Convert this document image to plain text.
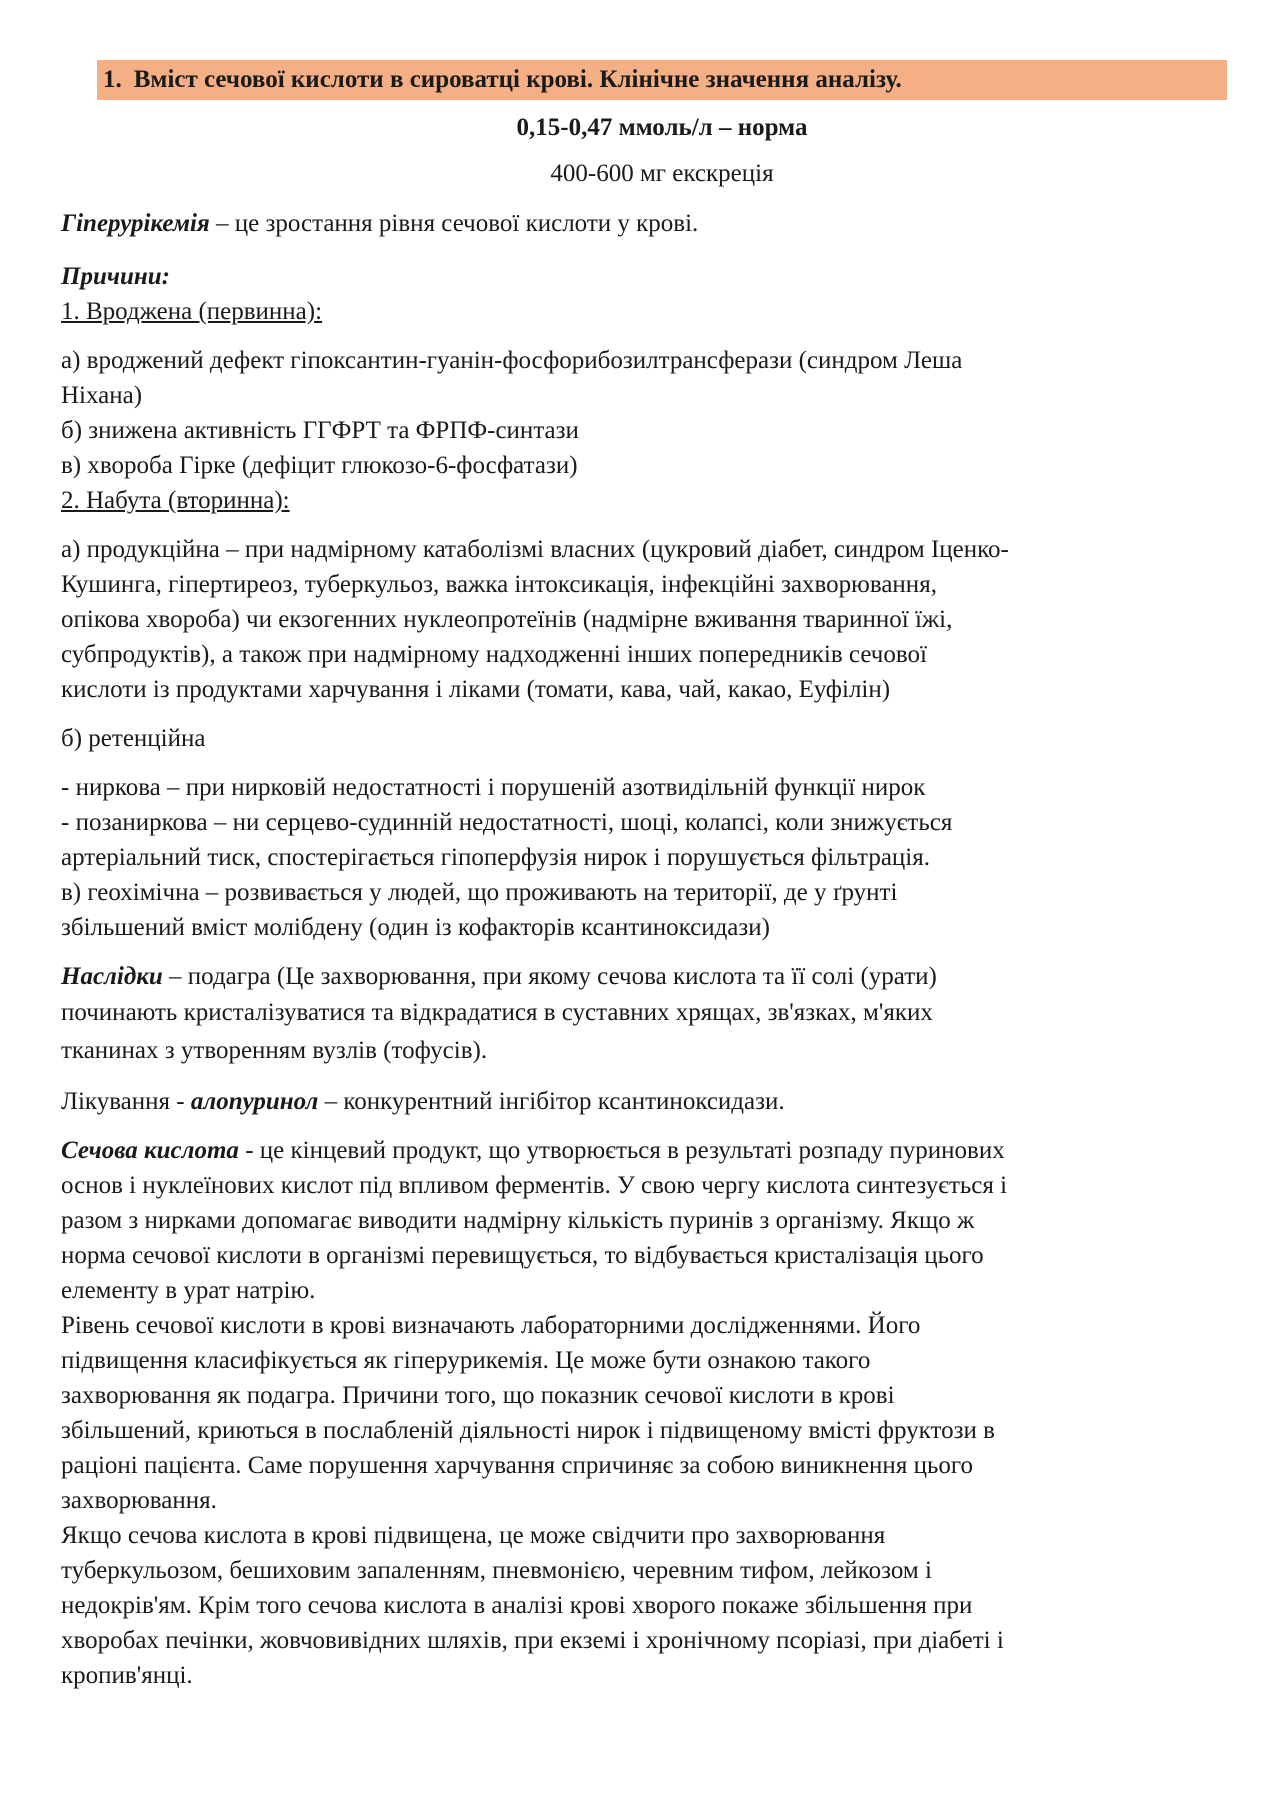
1. Вміст сечової кислоти в сироватці крові. Клінічне значення аналізу.
0,15-0,47 ммоль/л – норма
400-600 мг екскреція

Гіперурікемія – це зростання рівня сечової кислоти у крові.

Причини:

1. Вроджена (первинна):

а) вроджений дефект гіпоксантин-гуанін-фосфорибозилтрансферази (синдром Леша

Ніхана)

б) знижена активність ГГФРТ та ФРПФ-синтази

в) хвороба Гірке (дефіцит глюкозо-6-фосфатази)

2. Набута (вторинна):

а) продукційна – при надмірному катаболізмі власних (цукровий діабет, синдром Іценко-

Кушинга, гіпертиреоз, туберкульоз, важка інтоксикація, інфекційні захворювання,

опікова хвороба) чи екзогенних нуклеопротеїнів (надмірне вживання тваринної їжі,

субпродуктів), а також при надмірному надходженні інших попередників сечової

кислоти із продуктами харчування і ліками (томати, кава, чай, какао, Еуфілін)

б) ретенційна

- ниркова – при нирковій недостатності і порушеній азотвидільній функції нирок

- позаниркова – ни серцево-судинній недостатності, шоці, колапсі, коли знижується

артеріальний тиск, спостерігається гіпоперфузія нирок і порушується фільтрація.

в) геохімічна – розвивається у людей, що проживають на території, де у ґрунті

збільшений вміст молібдену (один із кофакторів ксантиноксидази)

Наслідки – подагра (Це захворювання, при якому сечова кислота та її солі (урати)

починають кристалізуватися та відкрадатися в суставних хрящах, зв'язках, м'яких

тканинах з утворенням вузлів (тофусів).

Лікування - алопуринол – конкурентний інгібітор ксантиноксидази.

Сечова кислота - це кінцевий продукт, що утворюється в результаті розпаду пуринових

основ і нуклеїнових кислот під впливом ферментів. У свою чергу кислота синтезується і

разом з нирками допомагає виводити надмірну кількість пуринів з організму. Якщо ж

норма сечової кислоти в організмі перевищується, то відбувається кристалізація цього

елементу в урат натрію.

Рівень сечової кислоти в крові визначають лабораторними дослідженнями. Його

підвищення класифікується як гіперурикемія. Це може бути ознакою такого

захворювання як подагра. Причини того, що показник сечової кислоти в крові

збільшений, криються в послабленій діяльності нирок і підвищеному вмісті фруктози в

раціоні пацієнта. Саме порушення харчування спричиняє за собою виникнення цього

захворювання.

Якщо сечова кислота в крові підвищена, це може свідчити про захворювання

туберкульозом, бешиховим запаленням, пневмонією, черевним тифом, лейкозом і

недокрів'ям. Крім того сечова кислота в аналізі крові хворого покаже збільшення при

хворобах печінки, жовчовивідних шляхів, при екземі і хронічному псоріазі, при діабеті і

кропив'янці.
